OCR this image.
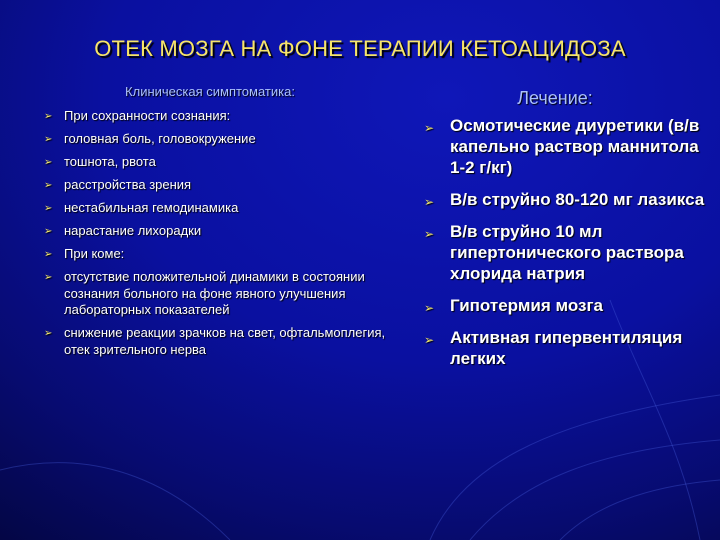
ОТЕК МОЗГА НА ФОНЕ ТЕРАПИИ КЕТОАЦИДОЗА
Клиническая симптоматика:
➢ При сохранности сознания:
➢ головная боль, головокружение
➢ тошнота, рвота
➢ расстройства зрения
➢ нестабильная гемодинамика
➢ нарастание лихорадки
➢ При коме:
➢ отсутствие положительной динамики в состоянии сознания больного на фоне явного улучшения лабораторных показателей
➢ снижение реакции зрачков на свет, офтальмоплегия, отек зрительного нерва
Лечение:
➢ Осмотические диуретики (в/в капельно раствор маннитола 1-2 г/кг)
➢ В/в струйно 80-120 мг лазикса
➢ В/в струйно 10 мл гипертонического раствора хлорида натрия
➢ Гипотермия мозга
➢ Активная гипервентиляция легких
